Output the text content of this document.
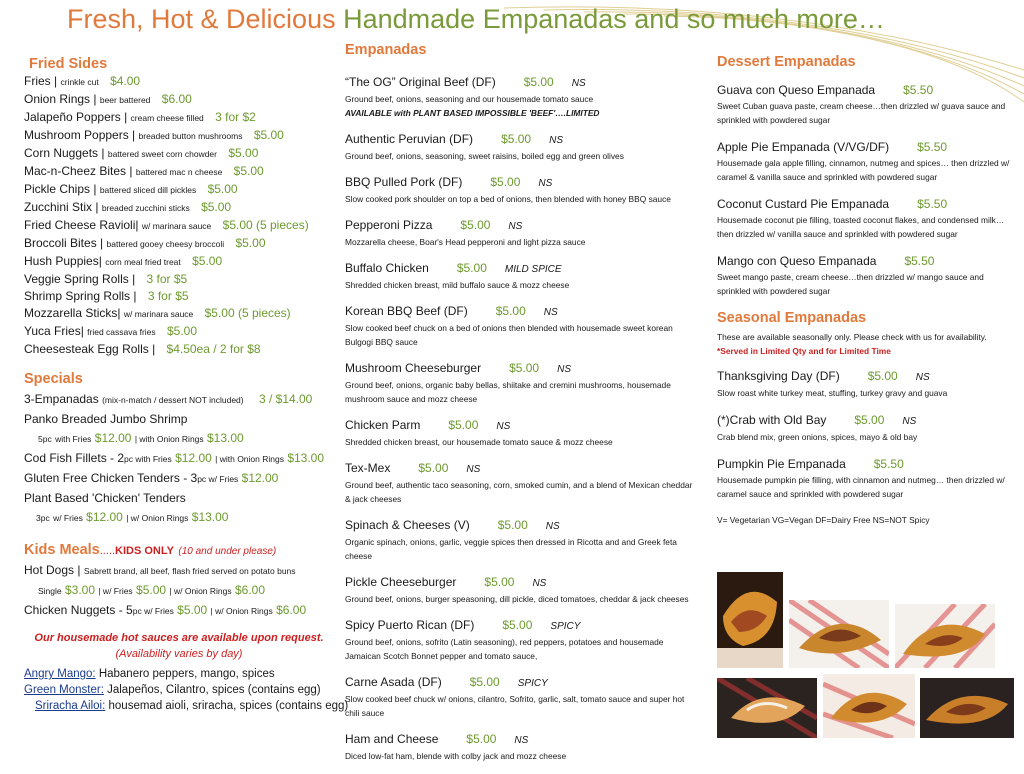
Fresh, Hot & Delicious Handmade Empanadas and so much more…
Fried Sides
Fries | crinkle cut $4.00
Onion Rings | beer battered $6.00
Jalapeño Poppers | cream cheese filled 3 for $2
Mushroom Poppers | breaded button mushrooms $5.00
Corn Nuggets | battered sweet corn chowder $5.00
Mac-n-Cheez Bites | battered mac n cheese $5.00
Pickle Chips | battered sliced dill pickles $5.00
Zucchini Stix | breaded zucchini sticks $5.00
Fried Cheese Ravioli| w/ marinara sauce $5.00 (5 pieces)
Broccoli Bites | battered gooey cheesy broccoli $5.00
Hush Puppies| corn meal fried treat $5.00
Veggie Spring Rolls | 3 for $5
Shrimp Spring Rolls | 3 for $5
Mozzarella Sticks| w/ marinara sauce $5.00 (5 pieces)
Yuca Fries| fried cassava fries $5.00
Cheesesteak Egg Rolls | $4.50ea / 2 for $8
Specials
3-Empanadas (mix-n-match / dessert NOT included) 3 / $14.00
Panko Breaded Jumbo Shrimp
5pc with Fries $12.00 | with Onion Rings $13.00
Cod Fish Fillets - 2pc with Fries $12.00 | with Onion Rings $13.00
Gluten Free Chicken Tenders - 3pc w/ Fries $12.00
Plant Based 'Chicken' Tenders
3pc w/ Fries $12.00 | w/ Onion Rings $13.00
Kids Meals.....KIDS ONLY (10 and under please)
Hot Dogs | Sabrett brand, all beef, flash fried served on potato buns
Single $3.00 | w/ Fries $5.00 | w/ Onion Rings $6.00
Chicken Nuggets - 5pc w/ Fries $5.00 | w/ Onion Rings $6.00
Our housemade hot sauces are available upon request.
(Availability varies by day)
Angry Mango: Habanero peppers, mango, spices
Green Monster: Jalapeños, Cilantro, spices (contains egg)
Sriracha Ailoi: housemad aioli, sriracha, spices (contains egg)
Empanadas
“The OG” Original Beef (DF) $5.00 NS
Ground beef, onions, seasoning and our housemade tomato sauce
AVAILABLE with PLANT BASED IMPOSSIBLE 'BEEF'….LIMITED
Authentic Peruvian (DF) $5.00 NS
Ground beef, onions, seasoning, sweet raisins, boiled egg and green olives
BBQ Pulled Pork (DF) $5.00 NS
Slow cooked pork shoulder on top a bed of onions, then blended with honey BBQ sauce
Pepperoni Pizza $5.00 NS
Mozzarella cheese, Boar's Head pepperoni and light pizza sauce
Buffalo Chicken $5.00 MILD SPICE
Shredded chicken breast, mild buffalo sauce & mozz cheese
Korean BBQ Beef (DF) $5.00 NS
Slow cooked beef chuck on a bed of onions then blended with housemade sweet korean Bulgogi BBQ sauce
Mushroom Cheeseburger $5.00 NS
Ground beef, onions, organic baby bellas, shiitake and cremini mushrooms, housemade mushroom sauce and mozz cheese
Chicken Parm $5.00 NS
Shredded chicken breast, our housemade tomato sauce & mozz cheese
Tex-Mex $5.00 NS
Ground beef, authentic taco seasoning, corn, smoked cumin, and a blend of Mexican cheddar & jack cheeses
Spinach & Cheeses (V) $5.00 NS
Organic spinach, onions, garlic, veggie spices then dressed in Ricotta and and Greek feta cheese
Pickle Cheeseburger $5.00 NS
Ground beef, onions, burger speasoning, dill pickle, diced tomatoes, cheddar & jack cheeses
Spicy Puerto Rican (DF) $5.00 SPICY
Ground beef, onions, sofrito (Latin seasoning), red peppers, potatoes and housemade Jamaican Scotch Bonnet pepper and tomato sauce,
Carne Asada (DF) $5.00 SPICY
Slow cooked beef chuck w/ onions, cilantro, Sofrito, garlic, salt, tomato sauce and super hot chili sauce
Ham and Cheese $5.00 NS
Diced low-fat ham, blende with colby jack and mozz cheese
Dessert Empanadas
Guava con Queso Empanada $5.50
Sweet Cuban guava paste, cream cheese…then drizzled w/ guava sauce and sprinkled with powdered sugar
Apple Pie Empanada (V/VG/DF) $5.50
Housemade gala apple filling, cinnamon, nutmeg and spices… then drizzled w/ caramel & vanilla sauce and sprinkled with powdered sugar
Coconut Custard Pie Empanada $5.50
Housemade coconut pie filling, toasted coconut flakes, and condensed milk… then drizzled w/ vanilla sauce and sprinkled with powdered sugar
Mango con Queso Empanada $5.50
Sweet mango paste, cream cheese…then drizzled w/ mango sauce and sprinkled with powdered sugar
Seasonal Empanadas
These are available seasonally only. Please check with us for availability.
*Served in Limited Qty and for Limited Time
Thanksgiving Day (DF) $5.00 NS
Slow roast white turkey meat, stuffing, turkey gravy and guava
(*)Crab with Old Bay $5.00 NS
Crab blend mix, green onions, spices, mayo & old bay
Pumpkin Pie Empanada $5.50
Housemade pumpkin pie filling, with cinnamon and nutmeg… then drizzled w/ caramel sauce and sprinkled with powdered sugar
V= Vegetarian VG=Vegan DF=Dairy Free NS=NOT Spicy
